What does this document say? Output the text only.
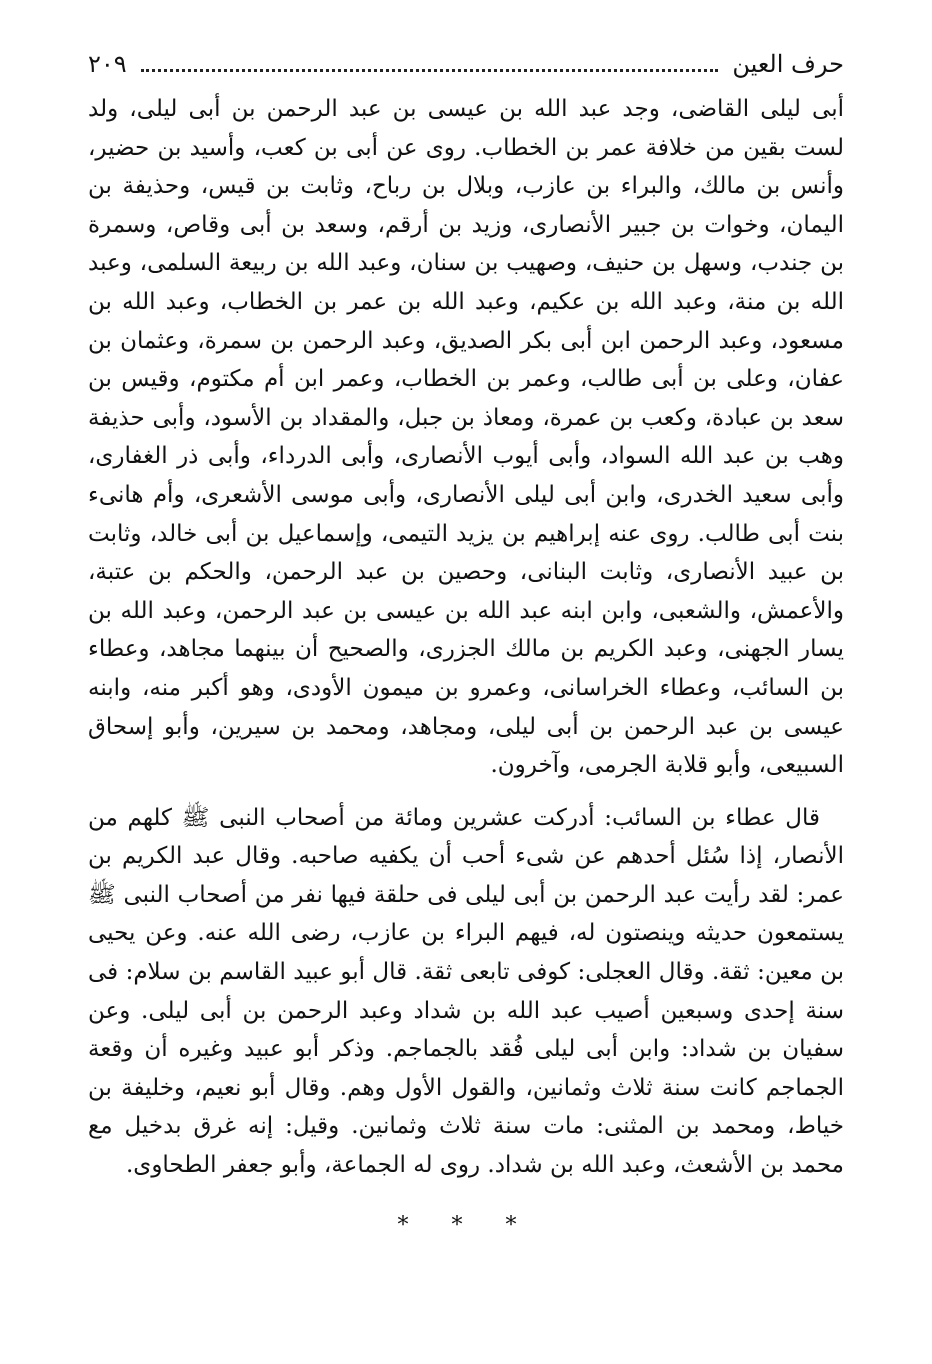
حرف العين
٢٠٩

أبى ليلى القاضى، وجد عبد الله بن عيسى بن عبد الرحمن بن أبى ليلى، ولد لست بقين من خلافة عمر بن الخطاب. روى عن أبى بن كعب، وأسيد بن حضير، وأنس بن مالك، والبراء بن عازب، وبلال بن رباح، وثابت بن قيس، وحذيفة بن اليمان، وخوات بن جبير الأنصارى، وزيد بن أرقم، وسعد بن أبى وقاص، وسمرة بن جندب، وسهل بن حنيف، وصهيب بن سنان، وعبد الله بن ربيعة السلمى، وعبد الله بن منة، وعبد الله بن عكيم، وعبد الله بن عمر بن الخطاب، وعبد الله بن مسعود، وعبد الرحمن ابن أبى بكر الصديق، وعبد الرحمن بن سمرة، وعثمان بن عفان، وعلى بن أبى طالب، وعمر بن الخطاب، وعمر ابن أم مكتوم، وقيس بن سعد بن عبادة، وكعب بن عمرة، ومعاذ بن جبل، والمقداد بن الأسود، وأبى حذيفة وهب بن عبد الله السواد، وأبى أيوب الأنصارى، وأبى الدرداء، وأبى ذر الغفارى، وأبى سعيد الخدرى، وابن أبى ليلى الأنصارى، وأبى موسى الأشعرى، وأم هانىء بنت أبى طالب. روى عنه إبراهيم بن يزيد التيمى، وإسماعيل بن أبى خالد، وثابت بن عبيد الأنصارى، وثابت البنانى، وحصين بن عبد الرحمن، والحكم بن عتبة، والأعمش، والشعبى، وابن ابنه عبد الله بن عيسى بن عبد الرحمن، وعبد الله بن يسار الجهنى، وعبد الكريم بن مالك الجزرى، والصحيح أن بينهما مجاهد، وعطاء بن السائب، وعطاء الخراسانى، وعمرو بن ميمون الأودى، وهو أكبر منه، وابنه عيسى بن عبد الرحمن بن أبى ليلى، ومجاهد، ومحمد بن سيرين، وأبو إسحاق السبيعى، وأبو قلابة الجرمى، وآخرون.

قال عطاء بن السائب: أدركت عشرين ومائة من أصحاب النبى ﷺ كلهم من الأنصار، إذا سُئل أحدهم عن شىء أحب أن يكفيه صاحبه. وقال عبد الكريم بن عمر: لقد رأيت عبد الرحمن بن أبى ليلى فى حلقة فيها نفر من أصحاب النبى ﷺ يستمعون حديثه وينصتون له، فيهم البراء بن عازب، رضى الله عنه. وعن يحيى بن معين: ثقة. وقال العجلى: كوفى تابعى ثقة. قال أبو عبيد القاسم بن سلام: فى سنة إحدى وسبعين أصيب عبد الله بن شداد وعبد الرحمن بن أبى ليلى. وعن سفيان بن شداد: وابن أبى ليلى فُقد بالجماجم. وذكر أبو عبيد وغيره أن وقعة الجماجم كانت سنة ثلاث وثمانين، والقول الأول وهم. وقال أبو نعيم، وخليفة بن خياط، ومحمد بن المثنى: مات سنة ثلاث وثمانين. وقيل: إنه غرق بدخيل مع محمد بن الأشعث، وعبد الله بن شداد. روى له الجماعة، وأبو جعفر الطحاوى.

* * *
